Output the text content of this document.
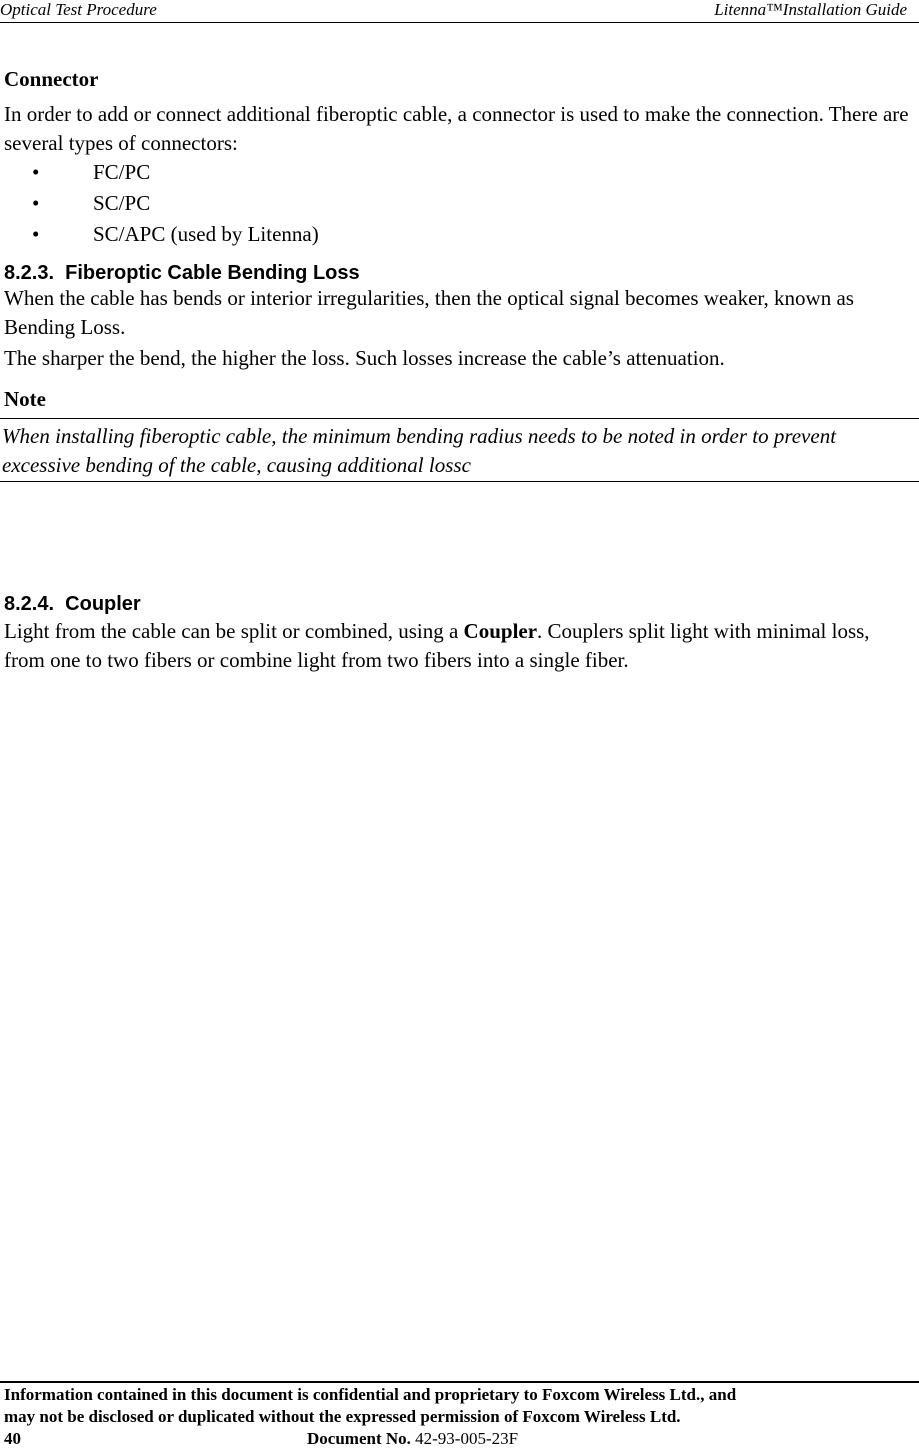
Optical Test Procedure	Litenna™Installation Guide
Connector
In order to add or connect additional fiberoptic cable, a connector is used to make the connection. There are several types of connectors:
• FC/PC
• SC/PC
• SC/APC (used by Litenna)
8.2.3.  Fiberoptic Cable Bending Loss
When the cable has bends or interior irregularities, then the optical signal becomes weaker, known as Bending Loss.
The sharper the bend, the higher the loss. Such losses increase the cable’s attenuation.
Note
When installing fiberoptic cable, the minimum bending radius needs to be noted in order to prevent excessive bending of the cable, causing additional lossc
8.2.4.  Coupler
Light from the cable can be split or combined, using a Coupler. Couplers split light with minimal loss, from one to two fibers or combine light from two fibers into a single fiber.
Information contained in this document is confidential and proprietary to Foxcom Wireless Ltd., and
may not be disclosed or duplicated without the expressed permission of Foxcom Wireless Ltd.
40	Document No. 42-93-005-23F
